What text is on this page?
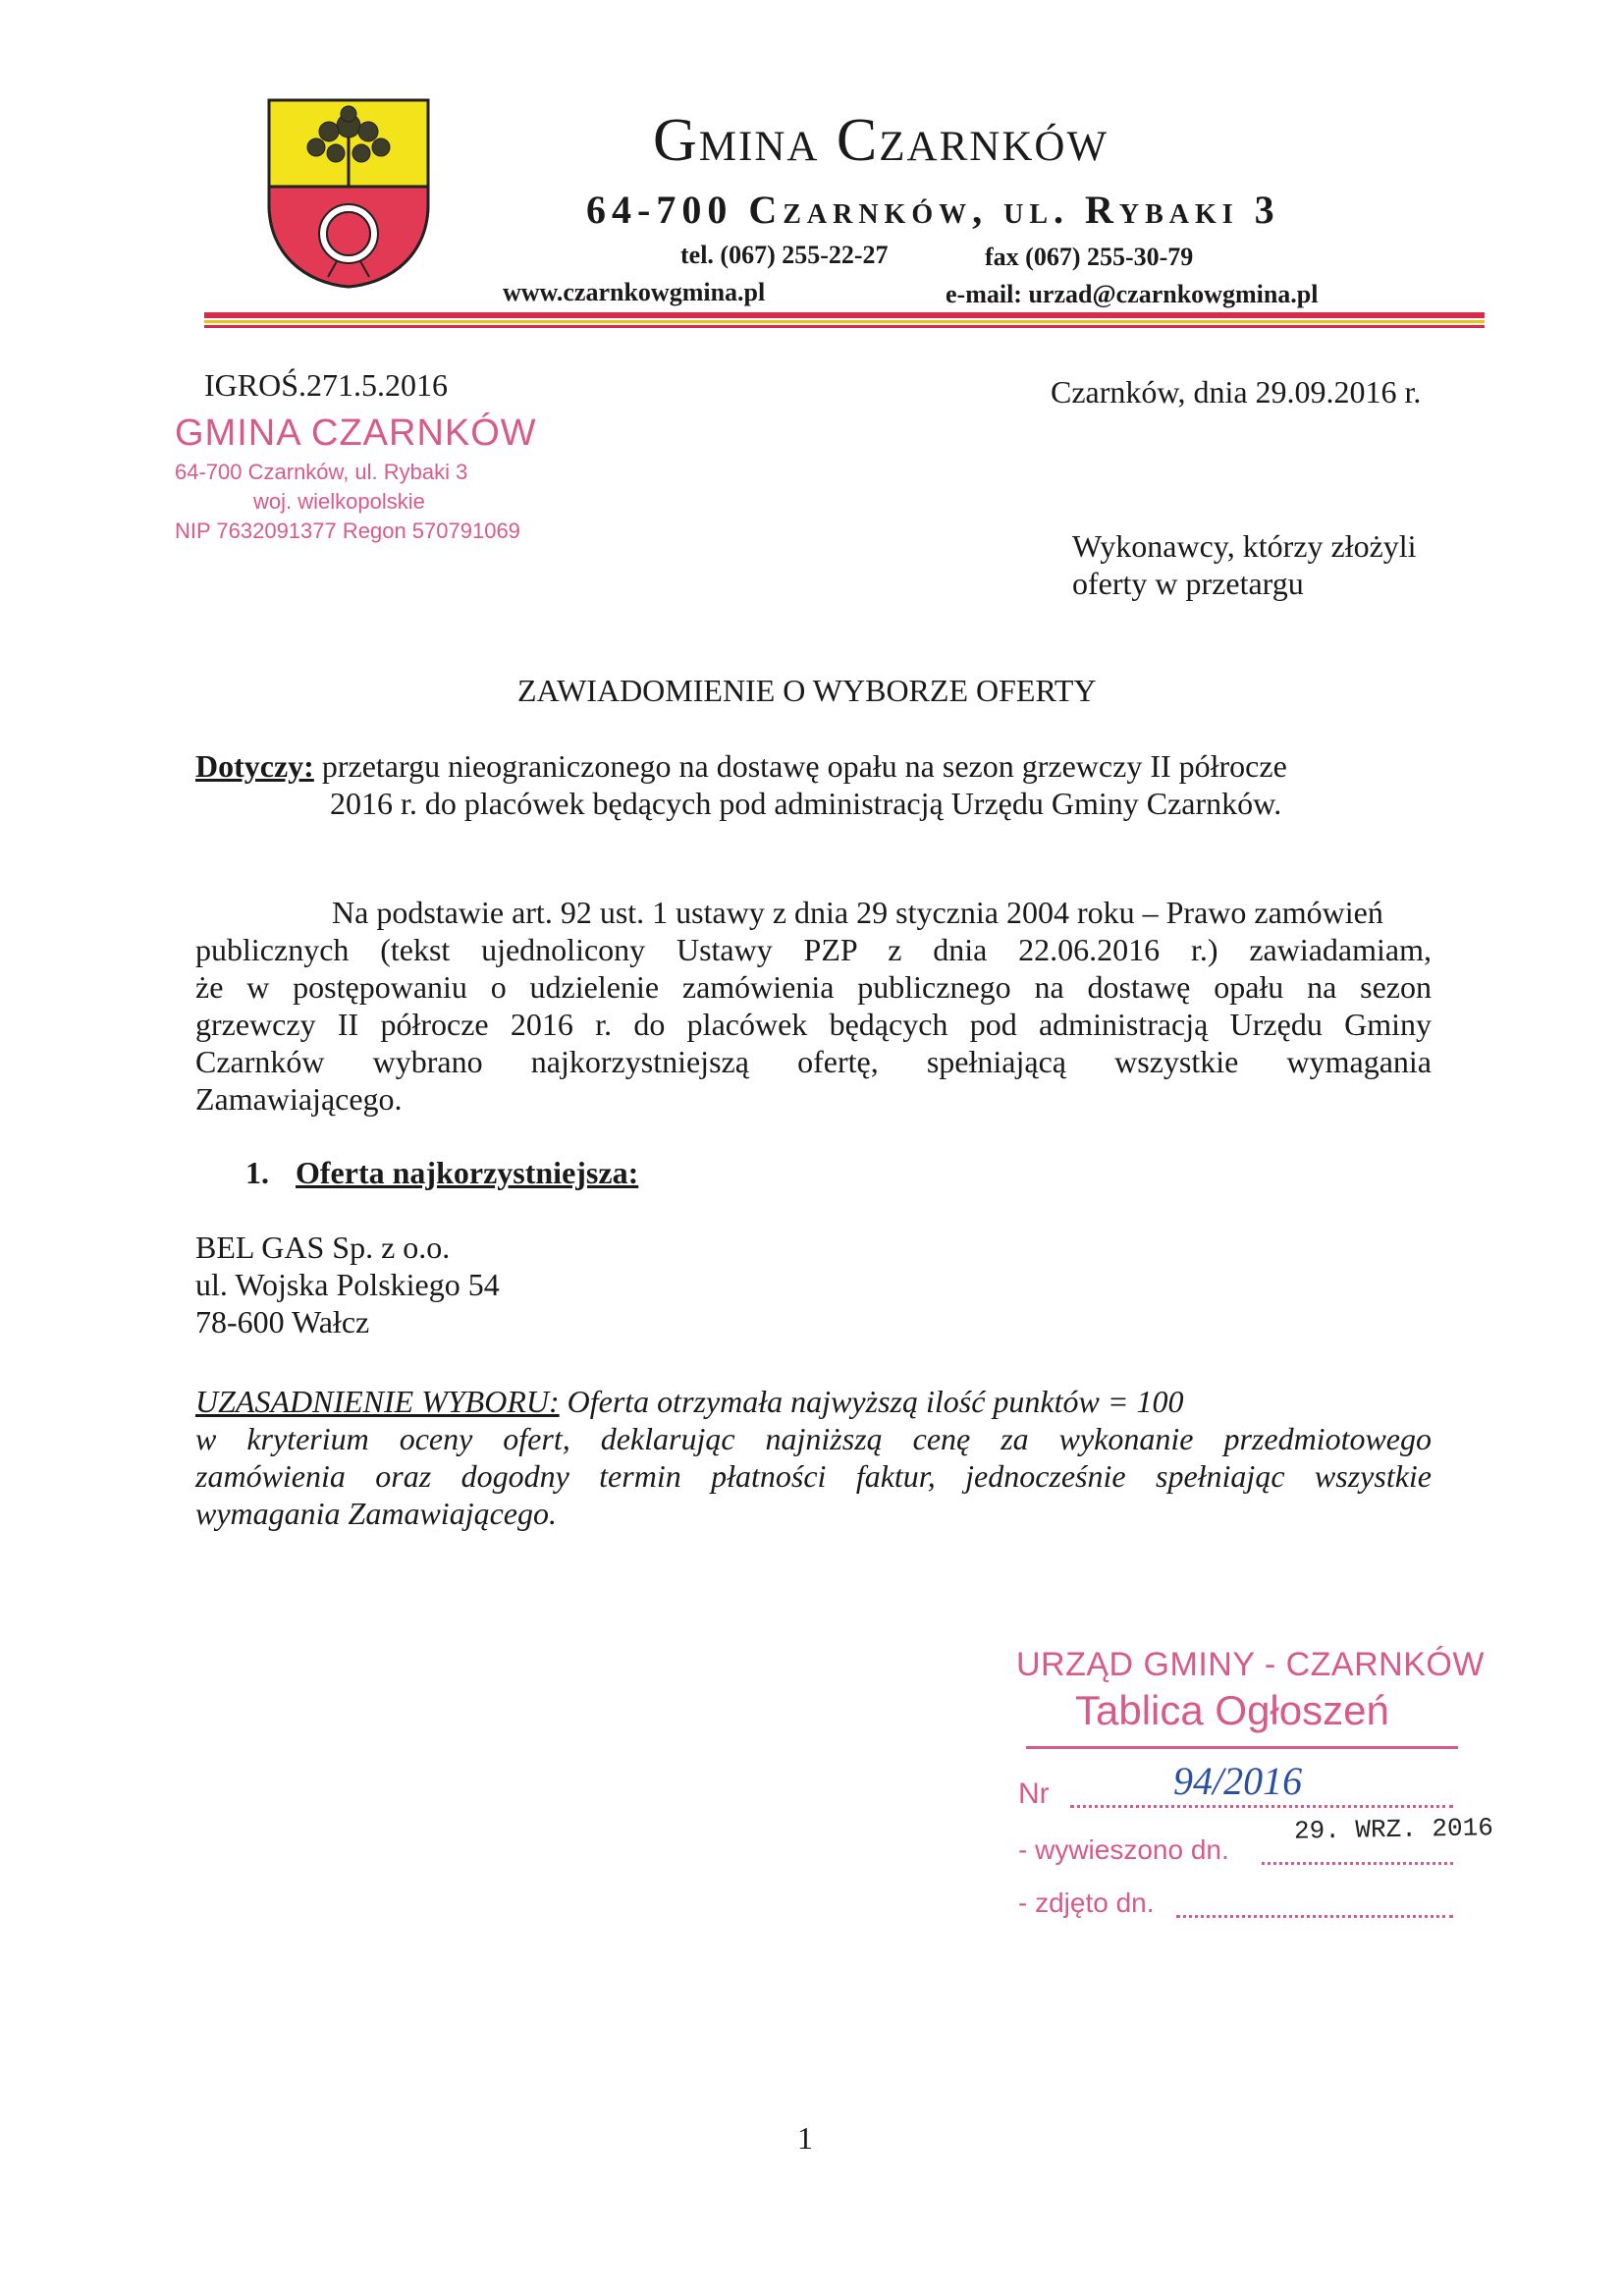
Gmina Czarnków
64-700 Czarnków, ul. Rybaki 3
tel. (067) 255-22-27	fax (067) 255-30-79
www.czarnkowgmina.pl	e-mail: urzad@czarnkowgmina.pl
IGROŚ.271.5.2016	Czarnków, dnia 29.09.2016 r.
GMINA CZARNKÓW
64-700 Czarnków, ul. Rybaki 3
woj. wielkopolskie
NIP 7632091377 Regon 570791069	Wykonawcy, którzy złożyli
oferty w przetargu
ZAWIADOMIENIE O WYBORZE OFERTY
Dotyczy: przetargu nieograniczonego na dostawę opału na sezon grzewczy II półrocze
2016 r. do placówek będących pod administracją Urzędu Gminy Czarnków.
Na podstawie art. 92 ust. 1 ustawy z dnia 29 stycznia 2004 roku – Prawo zamówień
publicznych (tekst ujednolicony Ustawy PZP z dnia 22.06.2016 r.) zawiadamiam,
że w postępowaniu o udzielenie zamówienia publicznego na dostawę opału na sezon
grzewczy II półrocze 2016 r. do placówek będących pod administracją Urzędu Gminy
Czarnków wybrano najkorzystniejszą ofertę, spełniającą wszystkie wymagania
Zamawiającego.
1. Oferta najkorzystniejsza:
BEL GAS Sp. z o.o.
ul. Wojska Polskiego 54
78-600 Wałcz
UZASADNIENIE WYBORU: Oferta otrzymała najwyższą ilość punktów = 100
w kryterium oceny ofert, deklarując najniższą cenę za wykonanie przedmiotowego
zamówienia oraz dogodny termin płatności faktur, jednocześnie spełniając wszystkie
wymagania Zamawiającego.
URZĄD GMINY - CZARNKÓW
Tablica Ogłoszeń
Nr	94/2016
- wywieszono dn.
29. WRZ. 2016
- zdjęto dn.
1
